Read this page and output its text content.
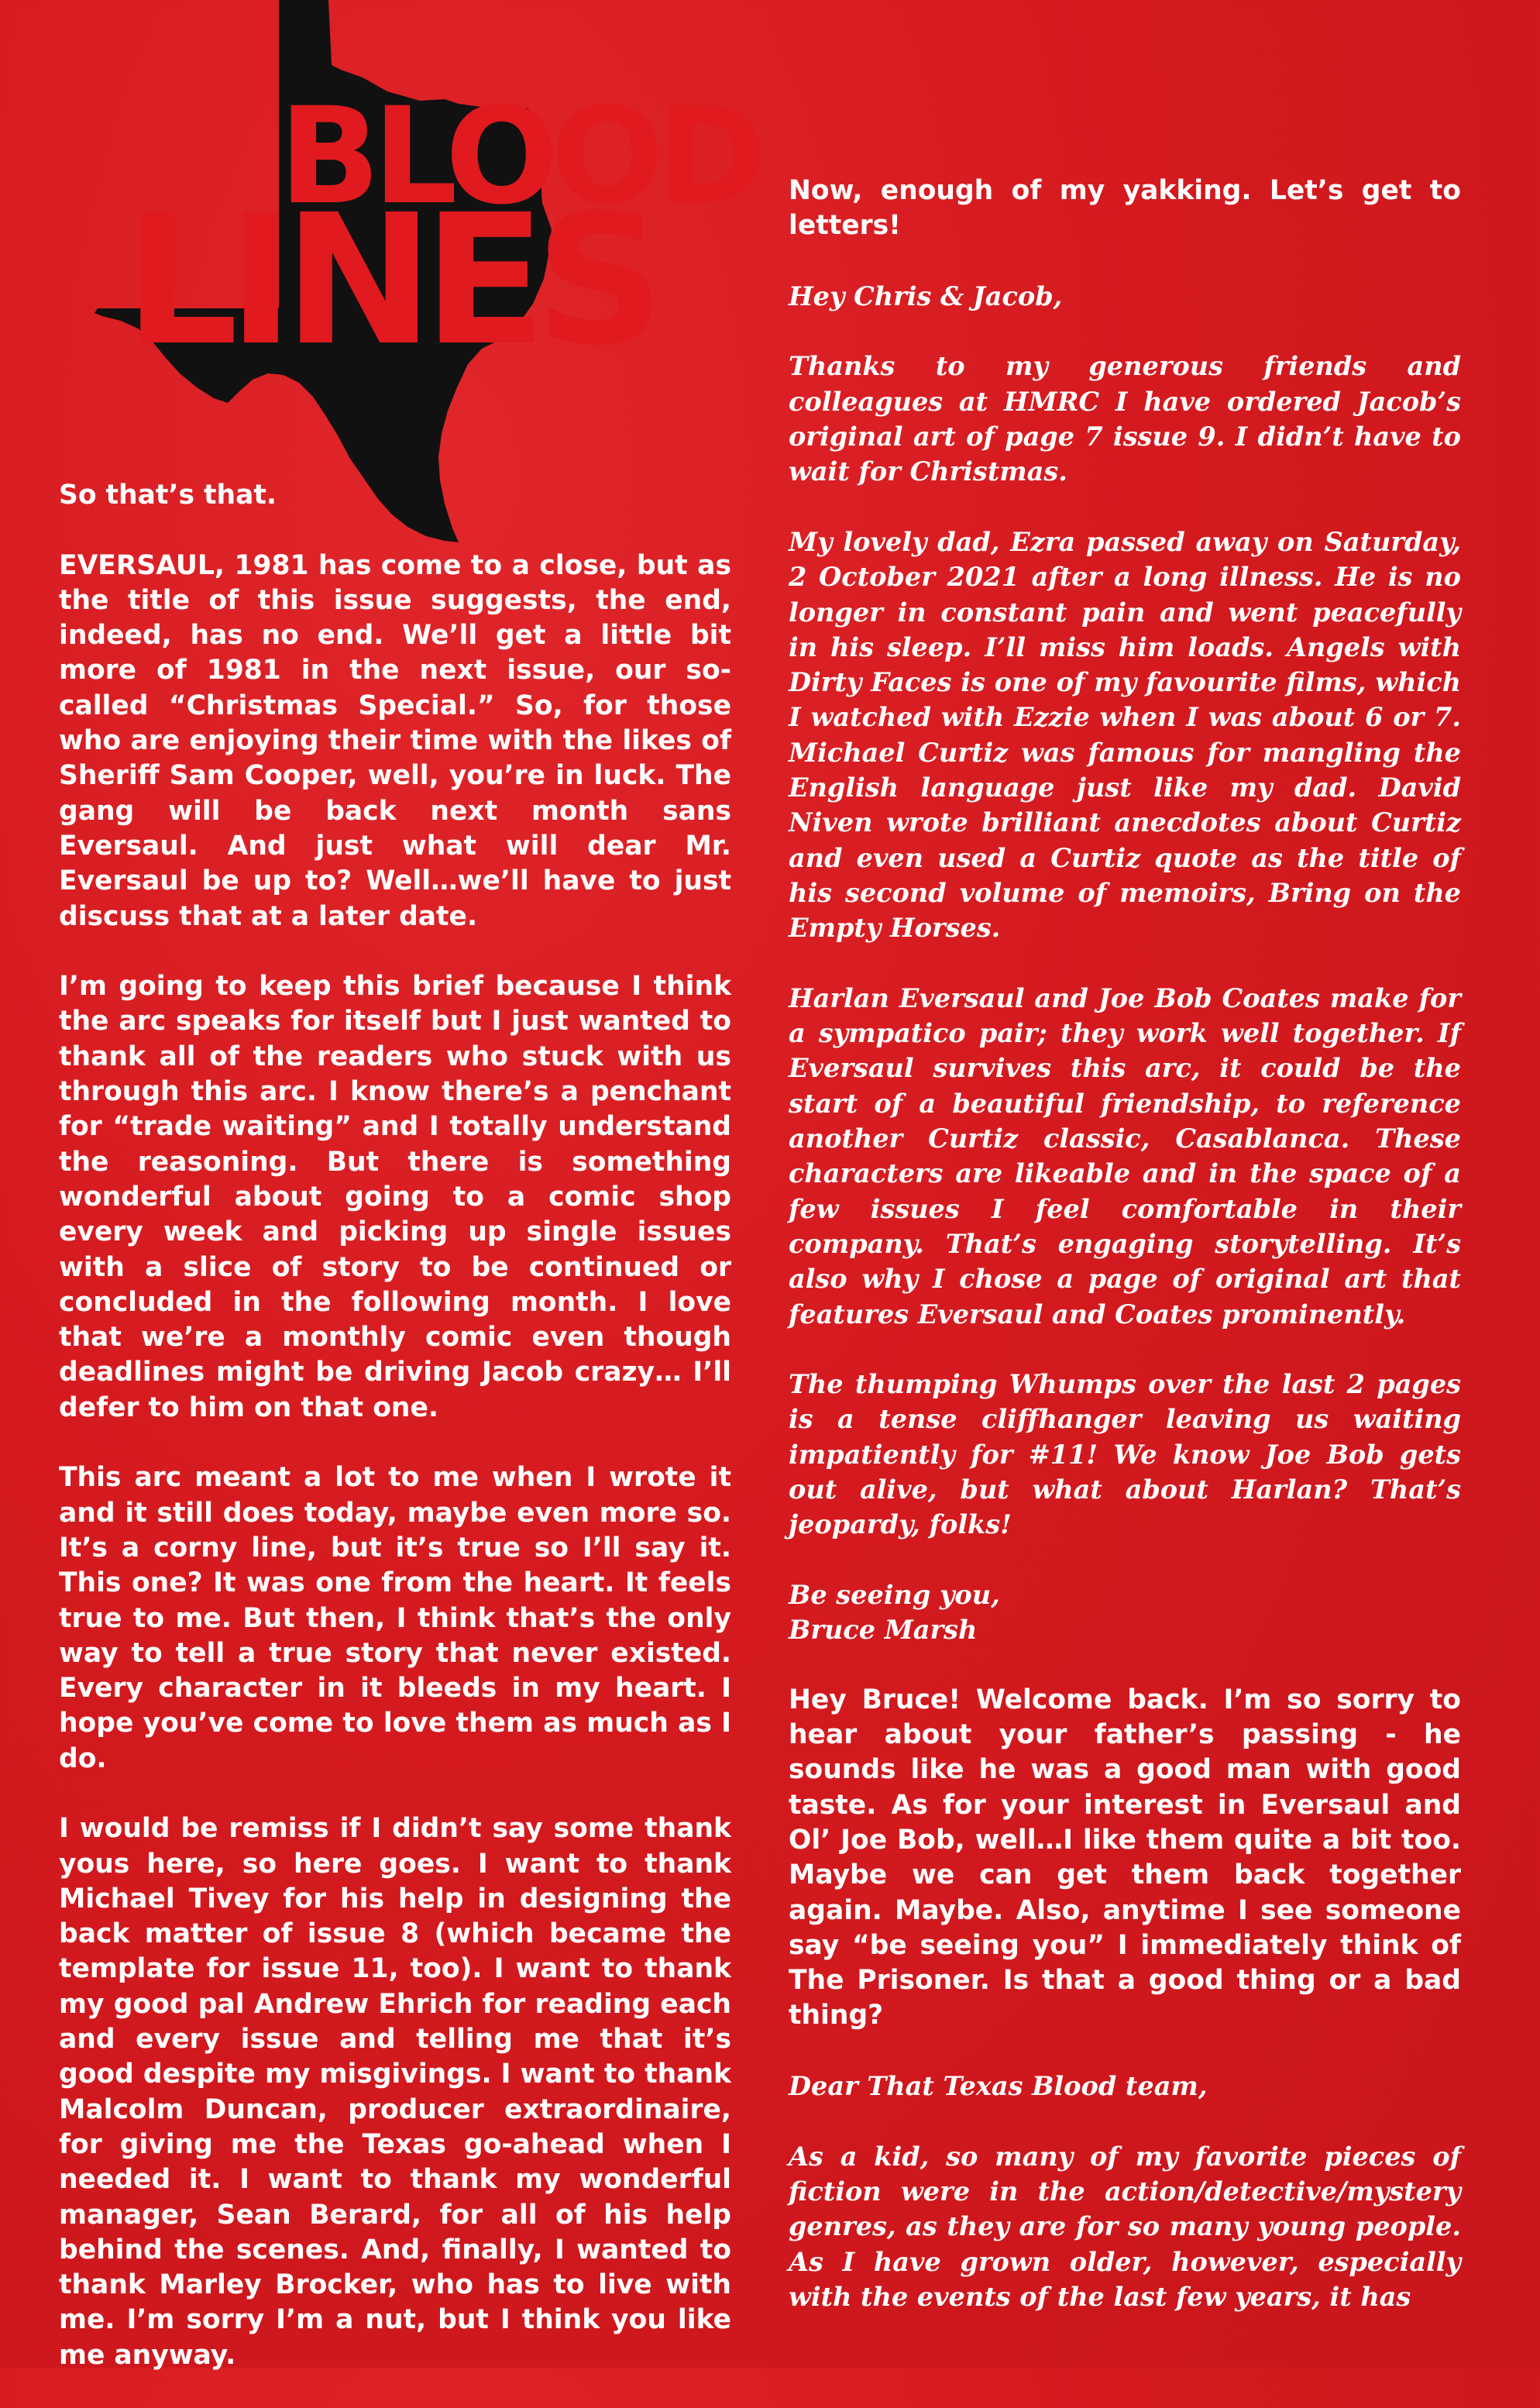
BLOOD
LINES

So that’s that.

EVERSAUL, 1981 has come to a close, but as the title of this issue suggests, the end, indeed, has no end. We’ll get a little bit more of 1981 in the next issue, our so-called “Christmas Special.” So, for those who are enjoying their time with the likes of Sheriff Sam Cooper, well, you’re in luck. The gang will be back next month sans Eversaul. And just what will dear Mr. Eversaul be up to? Well…we’ll have to just discuss that at a later date.

I’m going to keep this brief because I think the arc speaks for itself but I just wanted to thank all of the readers who stuck with us through this arc. I know there’s a penchant for “trade waiting” and I totally understand the reasoning. But there is something wonderful about going to a comic shop every week and picking up single issues with a slice of story to be continued or concluded in the following month. I love that we’re a monthly comic even though deadlines might be driving Jacob crazy… I’ll defer to him on that one.

This arc meant a lot to me when I wrote it and it still does today, maybe even more so. It’s a corny line, but it’s true so I’ll say it. This one? It was one from the heart. It feels true to me. But then, I think that’s the only way to tell a true story that never existed. Every character in it bleeds in my heart. I hope you’ve come to love them as much as I do.

I would be remiss if I didn’t say some thank yous here, so here goes. I want to thank Michael Tivey for his help in designing the back matter of issue 8 (which became the template for issue 11, too). I want to thank my good pal Andrew Ehrich for reading each and every issue and telling me that it’s good despite my misgivings. I want to thank Malcolm Duncan, producer extraordinaire, for giving me the Texas go-ahead when I needed it. I want to thank my wonderful manager, Sean Berard, for all of his help behind the scenes. And, finally, I wanted to thank Marley Brocker, who has to live with me. I’m sorry I’m a nut, but I think you like me anyway.

Now, enough of my yakking. Let’s get to letters!

Hey Chris & Jacob,

Thanks to my generous friends and colleagues at HMRC I have ordered Jacob’s original art of page 7 issue 9. I didn’t have to wait for Christmas.

My lovely dad, Ezra passed away on Saturday, 2 October 2021 after a long illness. He is no longer in constant pain and went peacefully in his sleep. I’ll miss him loads. Angels with Dirty Faces is one of my favourite films, which I watched with Ezzie when I was about 6 or 7. Michael Curtiz was famous for mangling the English language just like my dad. David Niven wrote brilliant anecdotes about Curtiz and even used a Curtiz quote as the title of his second volume of memoirs, Bring on the Empty Horses.

Harlan Eversaul and Joe Bob Coates make for a sympatico pair; they work well together. If Eversaul survives this arc, it could be the start of a beautiful friendship, to reference another Curtiz classic, Casablanca. These characters are likeable and in the space of a few issues I feel comfortable in their company. That’s engaging storytelling. It’s also why I chose a page of original art that features Eversaul and Coates prominently.

The thumping Whumps over the last 2 pages is a tense cliffhanger leaving us waiting impatiently for #11! We know Joe Bob gets out alive, but what about Harlan? That’s jeopardy, folks!

Be seeing you,

Bruce Marsh

Hey Bruce! Welcome back. I’m so sorry to hear about your father’s passing - he sounds like he was a good man with good taste. As for your interest in Eversaul and Ol’ Joe Bob, well…I like them quite a bit too. Maybe we can get them back together again. Maybe. Also, anytime I see someone say “be seeing you” I immediately think of The Prisoner. Is that a good thing or a bad thing?

Dear That Texas Blood team,

As a kid, so many of my favorite pieces of fiction were in the action/detective/mystery genres, as they are for so many young people. As I have grown older, however, especially with the events of the last few years, it has
